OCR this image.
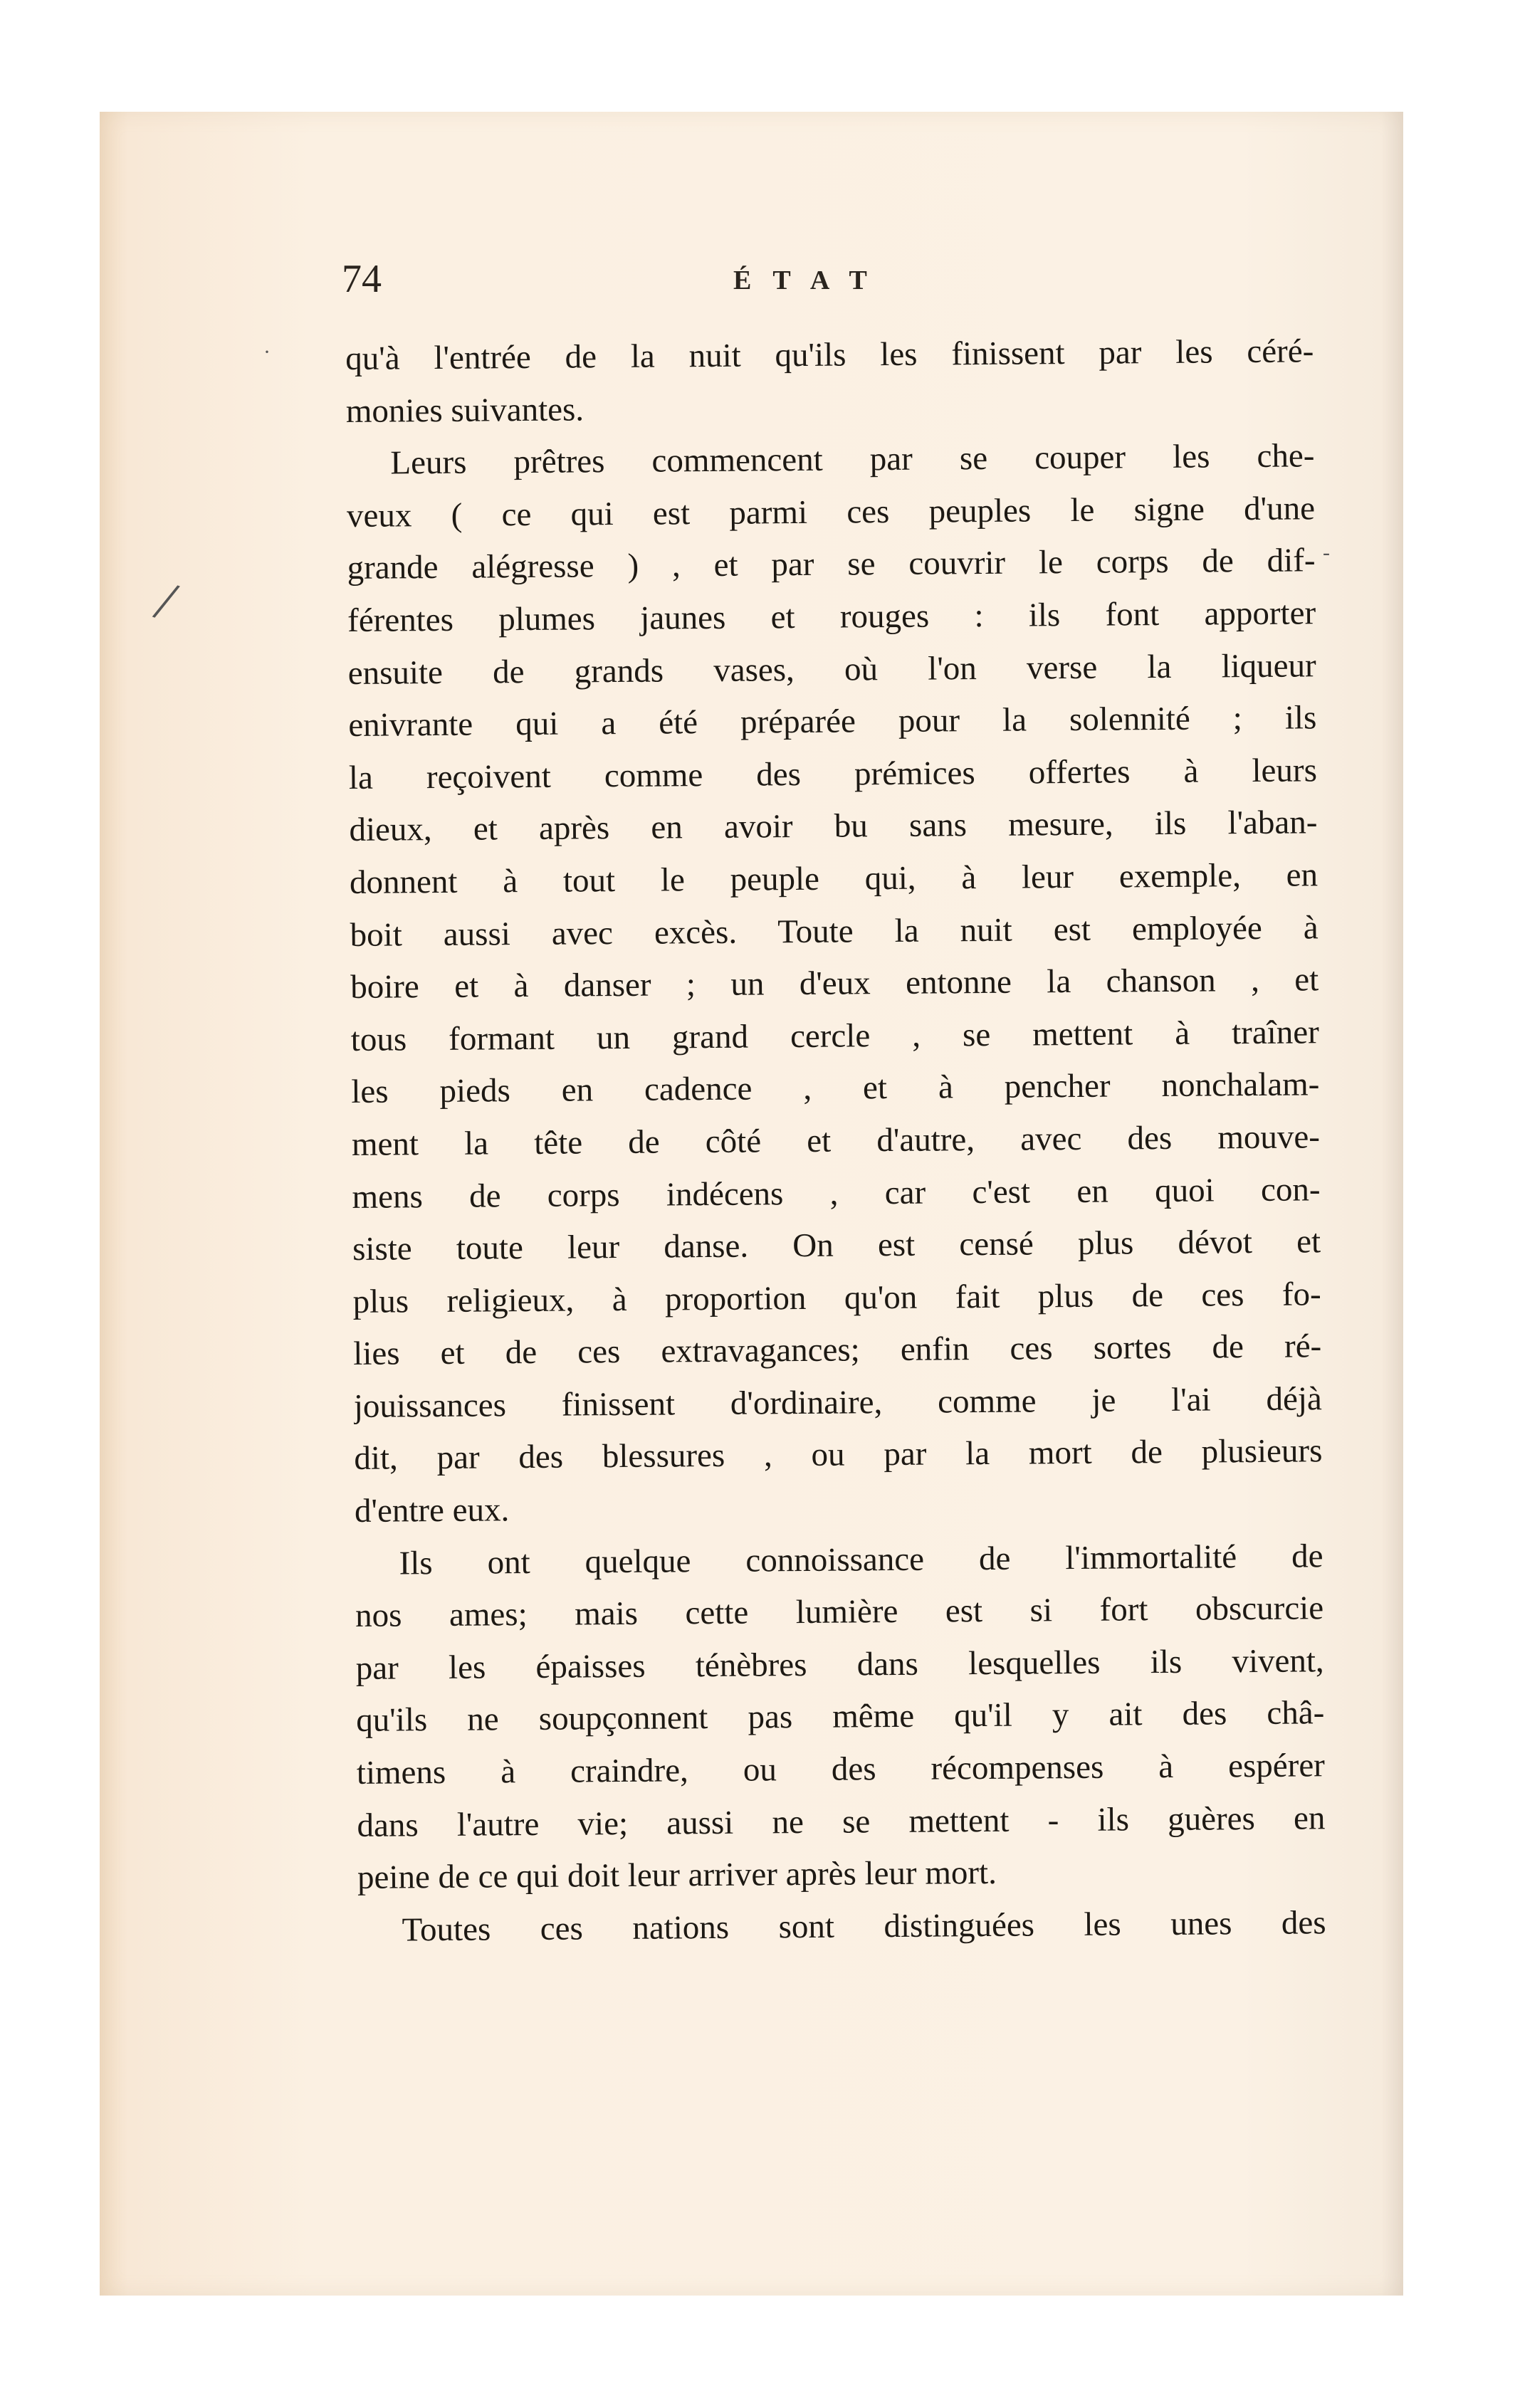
/
·
-
74	ÉTAT
qu'à l'entrée de la nuit qu'ils les finissent par les céré-
monies suivantes.
Leurs prêtres commencent par se couper les che-
veux ( ce qui est parmi ces peuples le signe d'une
grande alégresse ) , et par se couvrir le corps de dif-
férentes plumes jaunes et rouges : ils font apporter
ensuite de grands vases, où l'on verse la liqueur
enivrante qui a été préparée pour la solennité ; ils
la reçoivent comme des prémices offertes à leurs
dieux, et après en avoir bu sans mesure, ils l'aban-
donnent à tout le peuple qui, à leur exemple, en
boit aussi avec excès. Toute la nuit est employée à
boire et à danser ; un d'eux entonne la chanson , et
tous formant un grand cercle , se mettent à traîner
les pieds en cadence , et à pencher nonchalam-
ment la tête de côté et d'autre, avec des mouve-
mens de corps indécens , car c'est en quoi con-
siste toute leur danse. On est censé plus dévot et
plus religieux, à proportion qu'on fait plus de ces fo-
lies et de ces extravagances; enfin ces sortes de ré-
jouissances finissent d'ordinaire, comme je l'ai déjà
dit, par des blessures , ou par la mort de plusieurs
d'entre eux.
Ils ont quelque connoissance de l'immortalité de
nos ames; mais cette lumière est si fort obscurcie
par les épaisses ténèbres dans lesquelles ils vivent,
qu'ils ne soupçonnent pas même qu'il y ait des châ-
timens à craindre, ou des récompenses à espérer
dans l'autre vie; aussi ne se mettent - ils guères en
peine de ce qui doit leur arriver après leur mort.
Toutes ces nations sont distinguées les unes des
